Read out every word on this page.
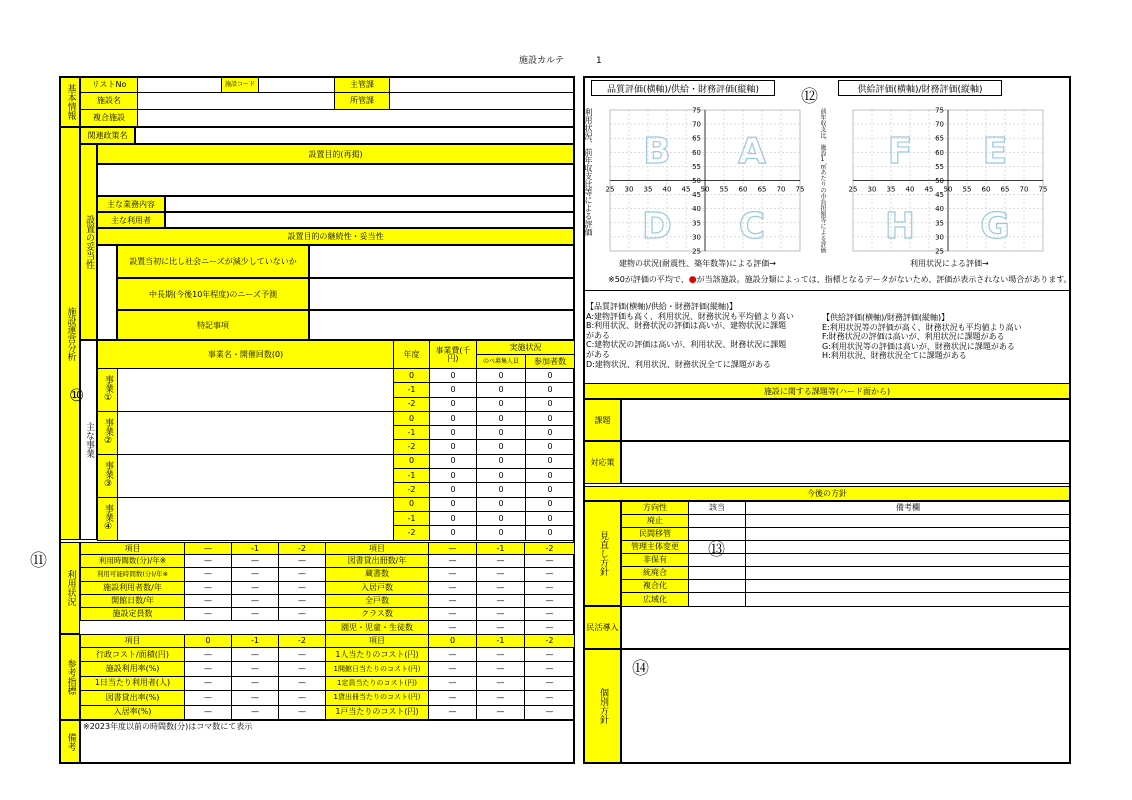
施設カルテ	1
基本情報 リストNo		施設コード		主管課	
施設名				所管課	
複合施設					
施設運営分析
関連政策名
設置の妥当性
設置目的(再掲)
主な業務内容
主な利用者
設置目的の継続性・妥当性
設置当初に比し社会ニーズが減少していないか
中長期(今後10年程度)のニーズ予測
特記事項
主な事業
事業名・開催回数(0)		年度	事業費(千円)	実施状況	
				のべ募集人員	参加者数
事業①		0	0	0	0
		-1	0	0	0
		-2	0	0	0
事業②		0	0	0	0
		-1	0	0	0
		-2	0	0	0
事業③		0	0	0	0
		-1	0	0	0
		-2	0	0	0
事業④		0	0	0	0
		-1	0	0	0
		-2	0	0	0
⑩
利用状況
⑪
項目	—	-1	-2	項目	—	-1	-2
利用時間数(分)/年※	—	—	—	図書貸出冊数/年	—	—	—
利用可能時間数(分)/年※	—	—	—	蔵書数	—	—	—
施設利用者数/年	—	—	—	入居戸数	—	—	—
開館日数/年	—	—	—	全戸数	—	—	—
施設定員数	—	—	—	クラス数	—	—	—
				園児・児童・生徒数	—	—	—
参考指標
項目	0	-1	-2	項目	0	-1	-2
行政コスト/面積(円)	—	—	—	1人当たりのコスト(円)	—	—	—
施設利用率(%)	—	—	—	1開館日当たりのコスト(円)	—	—	—
1日当たり利用者(人)	—	—	—	1定員当たりのコスト(円)	—	—	—
図書貸出率(%)	—	—	—	1貸出冊当たりのコスト(円)	—	—	—
入居率(%)	—	—	—	1戸当たりのコスト(円)	—	—	—
備考
※2023年度以前の時間数(分)はコマ数にて表示
品質評価(横軸)/供給・財務評価(縦軸)	供給評価(横軸)/財務評価(縦軸)
⑫
利用状況、前年収支比等による評価 B A
D C
25 30 35 40 45 50 55 60 65 70 75
75
70
65
60
55
50
45
40
35
30
25
建物の状況(耐震性、築年数等)による評価→
F E
H G
25 30 35 40 45 50 55 60 65 70 75
75
70
65
60
55
50
45
40
35
30
25
前年収支比、施設1㎡あたりの市負担額等による評価
利用状況による評価→
※50が評価の平均で、●が当該施設。施設分類によっては、指標となるデータがないため、評価が表示されない場合があります。
【品質評価(横軸)/供給・財務評価(縦軸)】
A:建物評価も高く、利用状況、財務状況も平均値より高い
B:利用状況、財務状況の評価は高いが、建物状況に課題
がある
C:建物状況の評価は高いが、利用状況、財務状況に課題
がある
D:建物状況、利用状況、財務状況全てに課題がある
【供給評価(横軸)/財務評価(縦軸)】
E:利用状況等の評価が高く、財務状況も平均値より高い
F:財務状況の評価は高いが、利用状況に課題がある
G:利用状況等の評価は高いが、財務状況に課題がある
H:利用状況、財務状況全てに課題がある
施設に関する課題等(ハード面から)
課題
対応策
今後の方針
見直し方針
方向性	該当	備考欄
廃止		
民間移管		
管理主体変更		
非保有		
統廃合		
複合化		
広域化		
⑬
民活導入
個別方針
⑭
